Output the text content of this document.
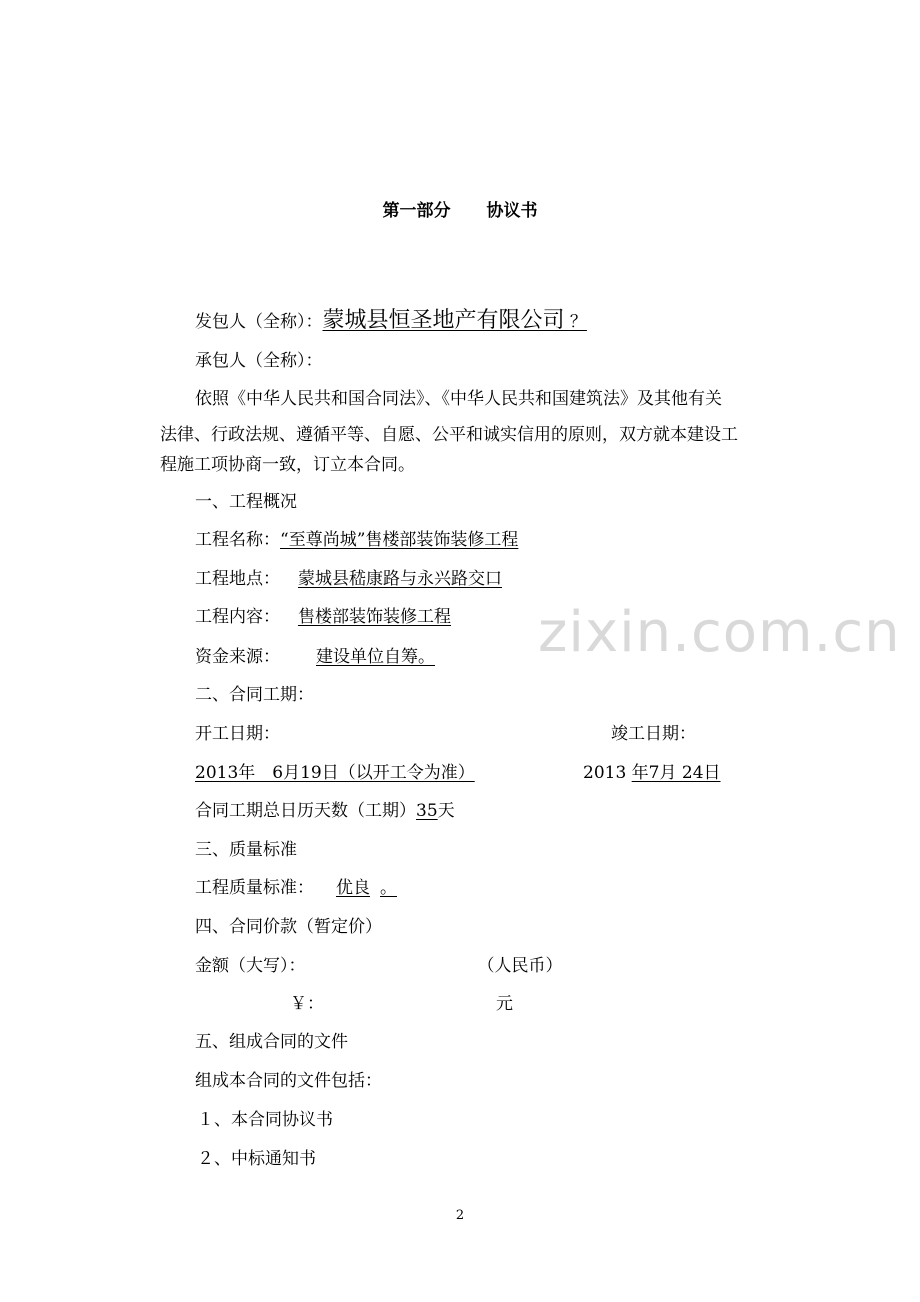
zixin.com.cn
第一部分 协议书
发包人（全称）：蒙城县恒圣地产有限公司 ？
承包人（全称）：
依照《中华人民共和国合同法》、《中华人民共和国建筑法》及其他有关
法律、行政法规、遵循平等、自愿、公平和诚实信用的原则，双方就本建设工
程施工项协商一致，订立本合同。
一、工程概况
工程名称：“至尊尚城”售楼部装饰装修工程
工程地点： 蒙城县嵇康路与永兴路交口
工程内容： 售楼部装饰装修工程
资金来源： 建设单位自筹。
二、合同工期：
开工日期：	竣工日期：
2013年　6月19日（以开工令为准）	2013 年7月 24日
合同工期总日历天数（工期）35天
三、质量标准
工程质量标准： 优良 。
四、合同价款（暂定价）
金额（大写）：	（人民币）
￥：	元
五、组成合同的文件
组成本合同的文件包括：
１、本合同协议书
２、中标通知书
2
